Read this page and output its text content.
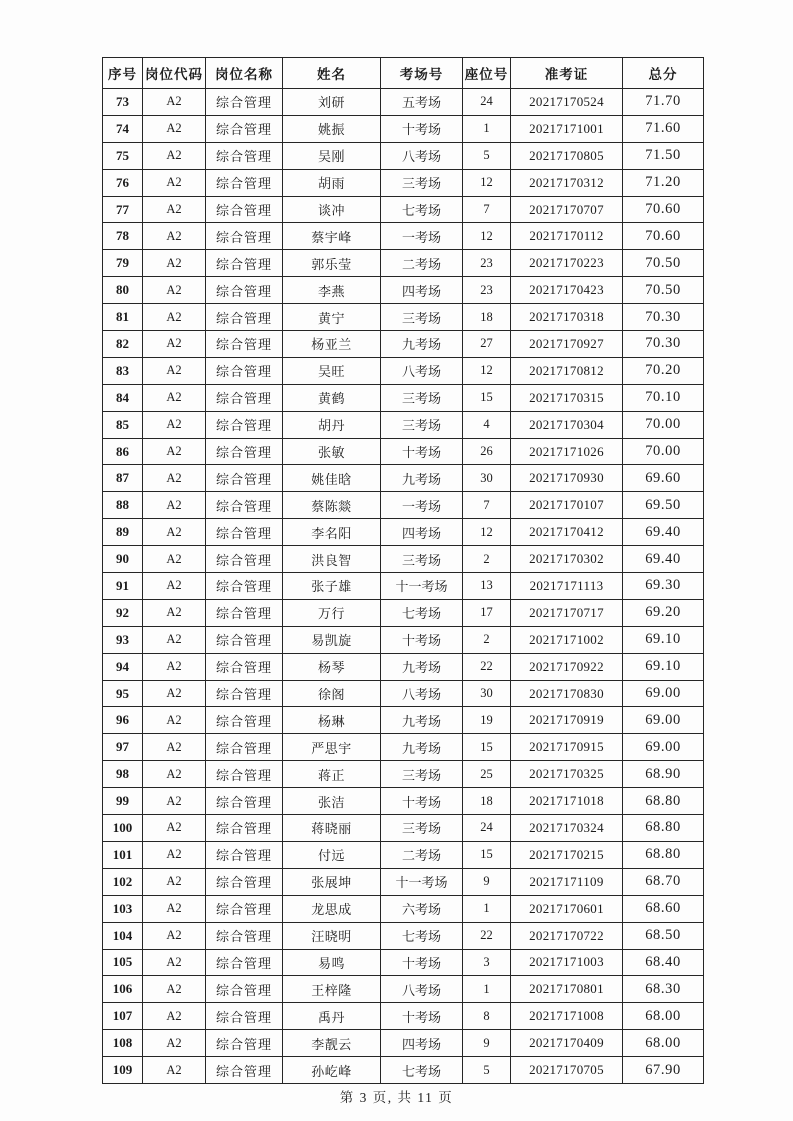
序号	岗位代码	岗位名称	姓名	考场号	座位号	准考证	总分
73	A2	综合管理	刘研	五考场	24	20217170524	71.70
74	A2	综合管理	姚振	十考场	1	20217171001	71.60
75	A2	综合管理	吴刚	八考场	5	20217170805	71.50
76	A2	综合管理	胡雨	三考场	12	20217170312	71.20
77	A2	综合管理	谈冲	七考场	7	20217170707	70.60
78	A2	综合管理	蔡宇峰	一考场	12	20217170112	70.60
79	A2	综合管理	郭乐莹	二考场	23	20217170223	70.50
80	A2	综合管理	李燕	四考场	23	20217170423	70.50
81	A2	综合管理	黄宁	三考场	18	20217170318	70.30
82	A2	综合管理	杨亚兰	九考场	27	20217170927	70.30
83	A2	综合管理	吴旺	八考场	12	20217170812	70.20
84	A2	综合管理	黄鹤	三考场	15	20217170315	70.10
85	A2	综合管理	胡丹	三考场	4	20217170304	70.00
86	A2	综合管理	张敏	十考场	26	20217171026	70.00
87	A2	综合管理	姚佳晗	九考场	30	20217170930	69.60
88	A2	综合管理	蔡陈燚	一考场	7	20217170107	69.50
89	A2	综合管理	李名阳	四考场	12	20217170412	69.40
90	A2	综合管理	洪良智	三考场	2	20217170302	69.40
91	A2	综合管理	张子雄	十一考场	13	20217171113	69.30
92	A2	综合管理	万行	七考场	17	20217170717	69.20
93	A2	综合管理	易凯旋	十考场	2	20217171002	69.10
94	A2	综合管理	杨琴	九考场	22	20217170922	69.10
95	A2	综合管理	徐阁	八考场	30	20217170830	69.00
96	A2	综合管理	杨琳	九考场	19	20217170919	69.00
97	A2	综合管理	严思宇	九考场	15	20217170915	69.00
98	A2	综合管理	蒋正	三考场	25	20217170325	68.90
99	A2	综合管理	张洁	十考场	18	20217171018	68.80
100	A2	综合管理	蒋晓丽	三考场	24	20217170324	68.80
101	A2	综合管理	付远	二考场	15	20217170215	68.80
102	A2	综合管理	张展坤	十一考场	9	20217171109	68.70
103	A2	综合管理	龙思成	六考场	1	20217170601	68.60
104	A2	综合管理	汪晓明	七考场	22	20217170722	68.50
105	A2	综合管理	易鸣	十考场	3	20217171003	68.40
106	A2	综合管理	王梓隆	八考场	1	20217170801	68.30
107	A2	综合管理	禹丹	十考场	8	20217171008	68.00
108	A2	综合管理	李靓云	四考场	9	20217170409	68.00
109	A2	综合管理	孙屹峰	七考场	5	20217170705	67.90
第 3 页, 共 11 页
